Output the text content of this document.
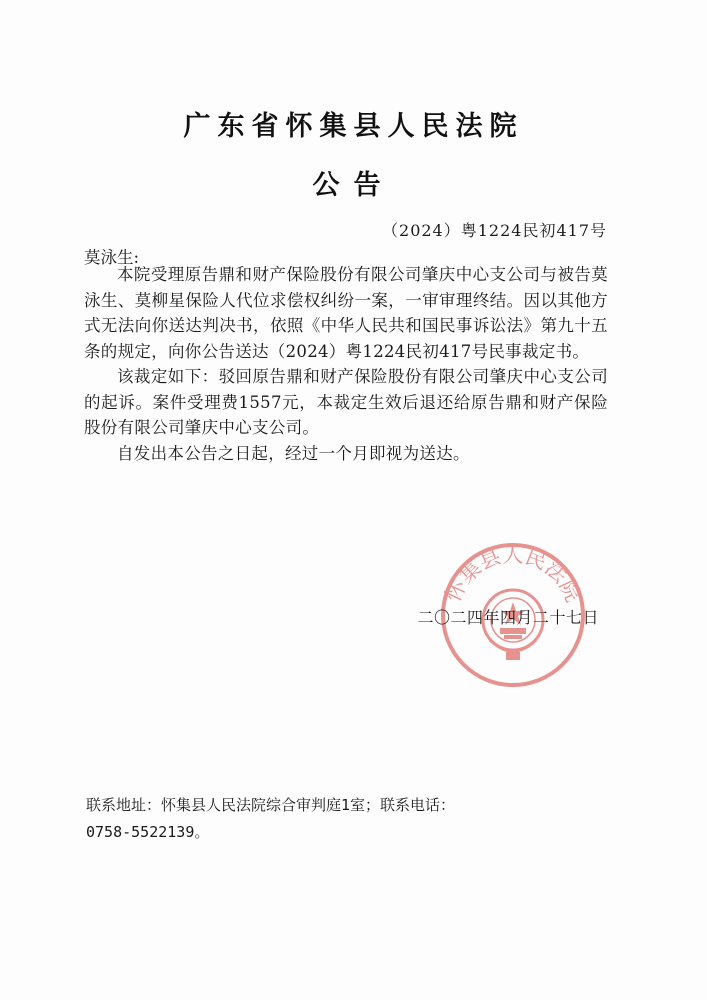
广东省怀集县人民法院
公告
（2024）粤1224民初417号
莫泳生:

本院受理原告鼎和财产保险股份有限公司肇庆中心支公司与被告莫泳生、莫柳星保险人代位求偿权纠纷一案，一审审理终结。因以其他方式无法向你送达判决书，依照《中华人民共和国民事诉讼法》第九十五条的规定，向你公告送达（2024）粤1224民初417号民事裁定书。

该裁定如下：驳回原告鼎和财产保险股份有限公司肇庆中心支公司的起诉。案件受理费1557元，本裁定生效后退还给原告鼎和财产保险股份有限公司肇庆中心支公司。

自发出本公告之日起，经过一个月即视为送达。

怀集县人民法院
二〇二四年四月二十七日
联系地址：怀集县人民法院综合审判庭1室；联系电话：
0758-5522139。
